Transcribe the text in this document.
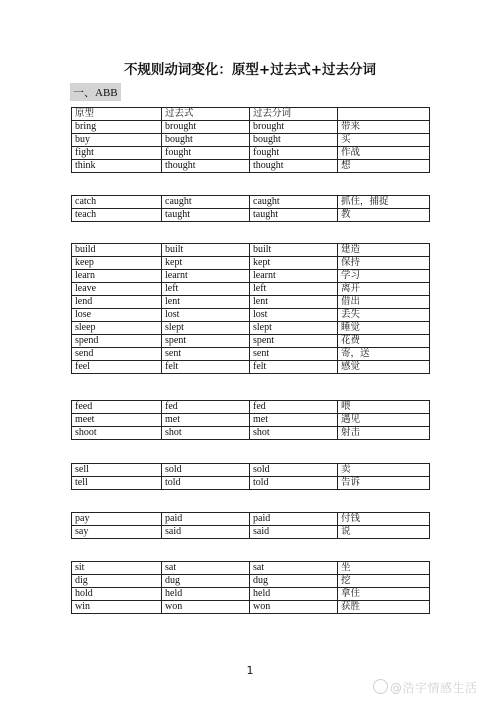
不规则动词变化：原型+过去式+过去分词
一、ABB
原型	过去式	过去分词	
bring	brought	brought	带来
buy	bought	bought	买
fight	fought	fought	作战
think	thought	thought	想
catch	caught	caught	抓住，捕捉
teach	taught	taught	教
build	built	built	建造
keep	kept	kept	保持
learn	learnt	learnt	学习
leave	left	left	离开
lend	lent	lent	借出
lose	lost	lost	丢失
sleep	slept	slept	睡觉
spend	spent	spent	花费
send	sent	sent	寄，送
feel	felt	felt	感觉
feed	fed	fed	喂
meet	met	met	遇见
shoot	shot	shot	射击
sell	sold	sold	卖
tell	told	told	告诉
pay	paid	paid	付钱
say	said	said	说
sit	sat	sat	坐
dig	dug	dug	挖
hold	held	held	拿住
win	won	won	获胜
1
@浩宇情感生活
